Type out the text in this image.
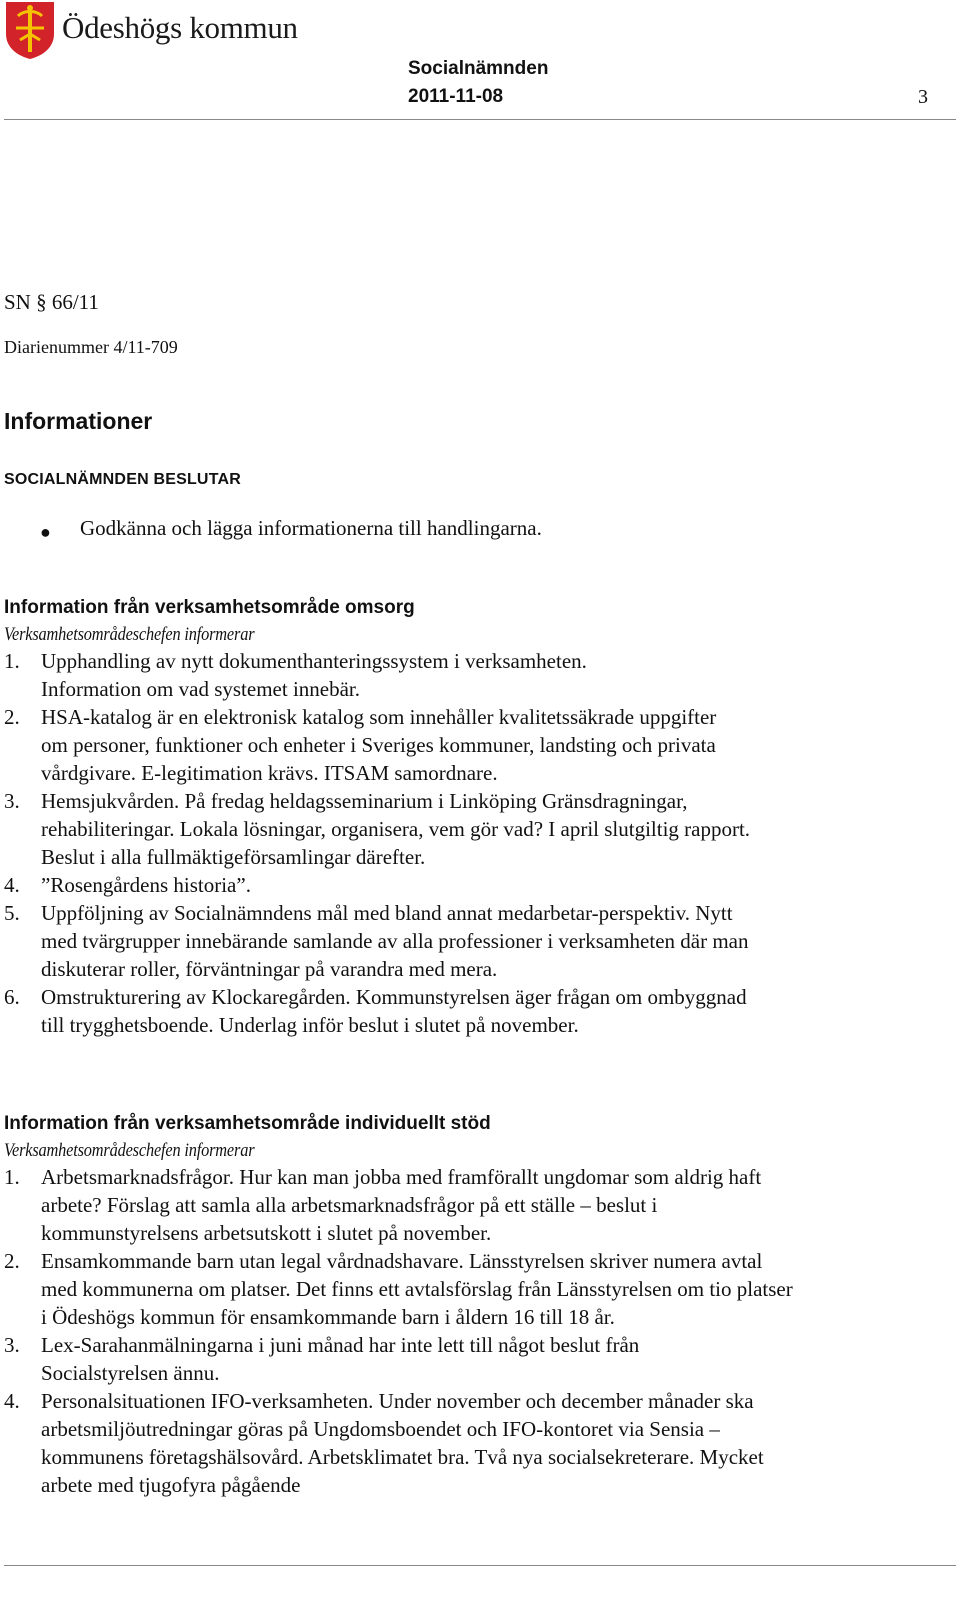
Ödeshögs kommun
Socialnämnden
2011-11-08	3
SN § 66/11
Diarienummer 4/11-709
Informationer
SOCIALNÄMNDEN BESLUTAR
● Godkänna och lägga informationerna till handlingarna.
Information från verksamhetsområde omsorg
Verksamhetsområdeschefen informerar
1. Upphandling av nytt dokumenthanteringssystem i verksamheten. Information om vad systemet innebär.
2. HSA-katalog är en elektronisk katalog som innehåller kvalitetssäkrade uppgifter om personer, funktioner och enheter i Sveriges kommuner, landsting och privata vårdgivare. E-legitimation krävs. ITSAM samordnare.
3. Hemsjukvården. På fredag heldagsseminarium i Linköping Gränsdragningar, rehabiliteringar. Lokala lösningar, organisera, vem gör vad? I april slutgiltig rapport. Beslut i alla fullmäktigeförsamlingar därefter.
4. ”Rosengårdens historia”.
5. Uppföljning av Socialnämndens mål med bland annat medarbetar-perspektiv. Nytt med tvärgrupper innebärande samlande av alla professioner i verksamheten där man diskuterar roller, förväntningar på varandra med mera.
6. Omstrukturering av Klockaregården. Kommunstyrelsen äger frågan om ombyggnad till trygghetsboende. Underlag inför beslut i slutet på november.
Information från verksamhetsområde individuellt stöd
Verksamhetsområdeschefen informerar
1. Arbetsmarknadsfrågor. Hur kan man jobba med framförallt ungdomar som aldrig haft arbete? Förslag att samla alla arbetsmarknadsfrågor på ett ställe – beslut i kommunstyrelsens arbetsutskott i slutet på november.
2. Ensamkommande barn utan legal vårdnadshavare. Länsstyrelsen skriver numera avtal med kommunerna om platser. Det finns ett avtalsförslag från Länsstyrelsen om tio platser i Ödeshögs kommun för ensamkommande barn i åldern 16 till 18 år.
3. Lex-Sarahanmälningarna i juni månad har inte lett till något beslut från Socialstyrelsen ännu.
4. Personalsituationen IFO-verksamheten. Under november och december månader ska arbetsmiljöutredningar göras på Ungdomsboendet och IFO-kontoret via Sensia – kommunens företagshälsovård. Arbetsklimatet bra. Två nya socialsekreterare. Mycket arbete med tjugofyra pågående
